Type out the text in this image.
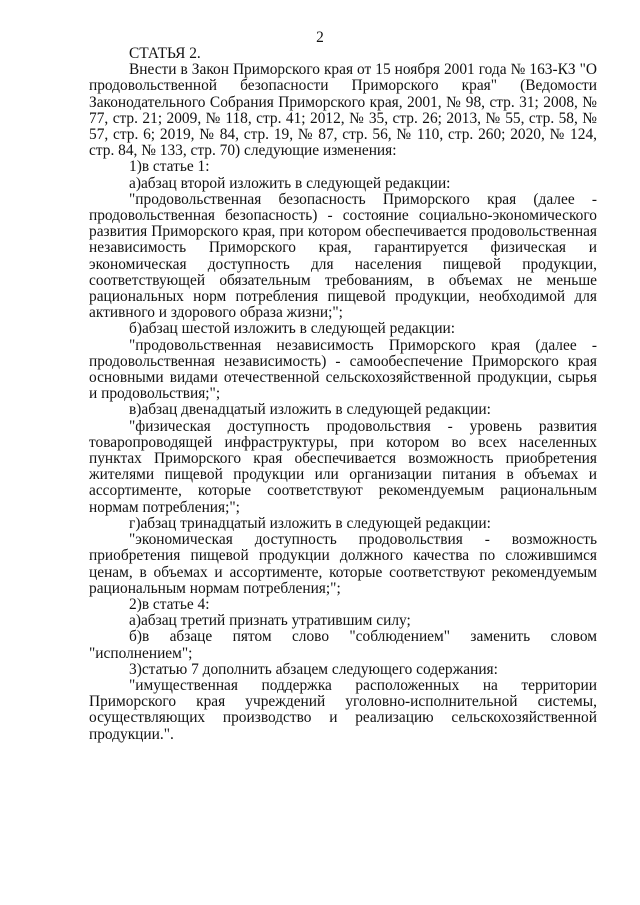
2

СТАТЬЯ 2.

Внести в Закон Приморского края от 15 ноября 2001 года № 163-КЗ "О продовольственной безопасности Приморского края" (Ведомости Законодательного Собрания Приморского края, 2001, № 98, стр. 31; 2008, № 77, стр. 21; 2009, № 118, стр. 41; 2012, № 35, стр. 26; 2013, № 55, стр. 58, № 57, стр. 6; 2019, № 84, стр. 19, № 87, стр. 56, № 110, стр. 260; 2020, № 124, стр. 84, № 133, стр. 70) следующие изменения:

1)в статье 1:

а)абзац второй изложить в следующей редакции:

"продовольственная безопасность Приморского края (далее - продовольственная безопасность) - состояние социально-экономического развития Приморского края, при котором обеспечивается продовольственная независимость Приморского края, гарантируется физическая и экономическая доступность для населения пищевой продукции, соответствующей обязательным требованиям, в объемах не меньше рациональных норм потребления пищевой продукции, необходимой для активного и здорового образа жизни;";

б)абзац шестой изложить в следующей редакции:

"продовольственная независимость Приморского края (далее - продовольственная независимость) - самообеспечение Приморского края основными видами отечественной сельскохозяйственной продукции, сырья и продовольствия;";

в)абзац двенадцатый изложить в следующей редакции:

"физическая доступность продовольствия - уровень развития товаропроводящей инфраструктуры, при котором во всех населенных пунктах Приморского края обеспечивается возможность приобретения жителями пищевой продукции или организации питания в объемах и ассортименте, которые соответствуют рекомендуемым рациональным нормам потребления;";

г)абзац тринадцатый изложить в следующей редакции:

"экономическая доступность продовольствия - возможность приобретения пищевой продукции должного качества по сложившимся ценам, в объемах и ассортименте, которые соответствуют рекомендуемым рациональным нормам потребления;";

2)в статье 4:

а)абзац третий признать утратившим силу;

б)в абзаце пятом слово "соблюдением" заменить словом "исполнением";

3)статью 7 дополнить абзацем следующего содержания:

"имущественная поддержка расположенных на территории Приморского края учреждений уголовно-исполнительной системы, осуществляющих производство и реализацию сельскохозяйственной продукции.".
